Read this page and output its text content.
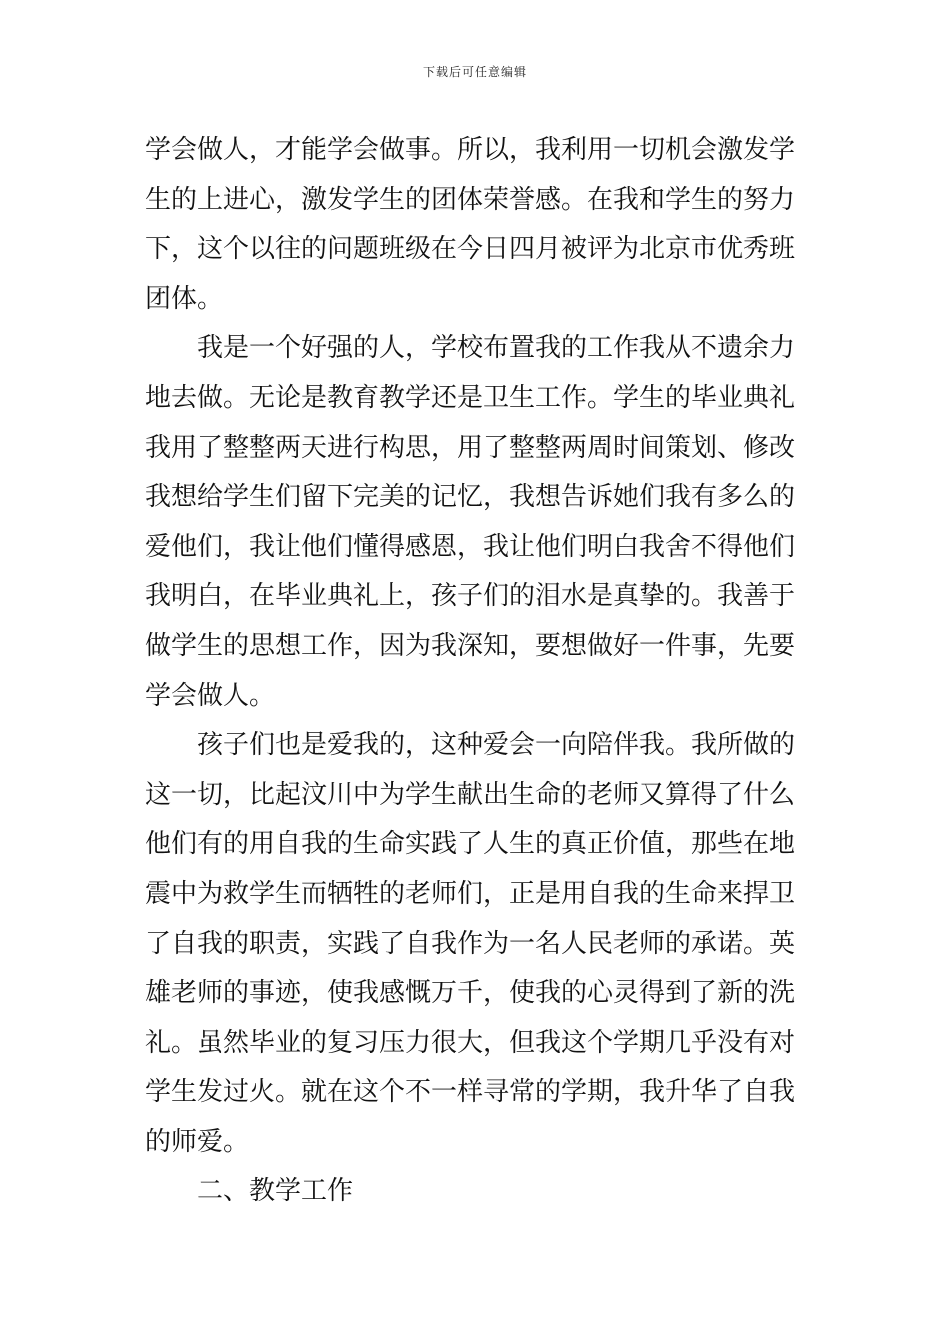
下载后可任意编辑
学会做人，才能学会做事。所以，我利用一切机会激发学
生的上进心，激发学生的团体荣誉感。在我和学生的努力
下，这个以往的问题班级在今日四月被评为北京市优秀班
团体。
我是一个好强的人，学校布置我的工作我从不遗余力
地去做。无论是教育教学还是卫生工作。学生的毕业典礼
我用了整整两天进行构思，用了整整两周时间策划、修改
我想给学生们留下完美的记忆，我想告诉她们我有多么的
爱他们，我让他们懂得感恩，我让他们明白我舍不得他们
我明白，在毕业典礼上，孩子们的泪水是真挚的。我善于
做学生的思想工作，因为我深知，要想做好一件事，先要
学会做人。
孩子们也是爱我的，这种爱会一向陪伴我。我所做的
这一切，比起汶川中为学生献出生命的老师又算得了什么
他们有的用自我的生命实践了人生的真正价值，那些在地
震中为救学生而牺牲的老师们，正是用自我的生命来捍卫
了自我的职责，实践了自我作为一名人民老师的承诺。英
雄老师的事迹，使我感慨万千，使我的心灵得到了新的洗
礼。虽然毕业的复习压力很大，但我这个学期几乎没有对
学生发过火。就在这个不一样寻常的学期，我升华了自我
的师爱。
二、教学工作
